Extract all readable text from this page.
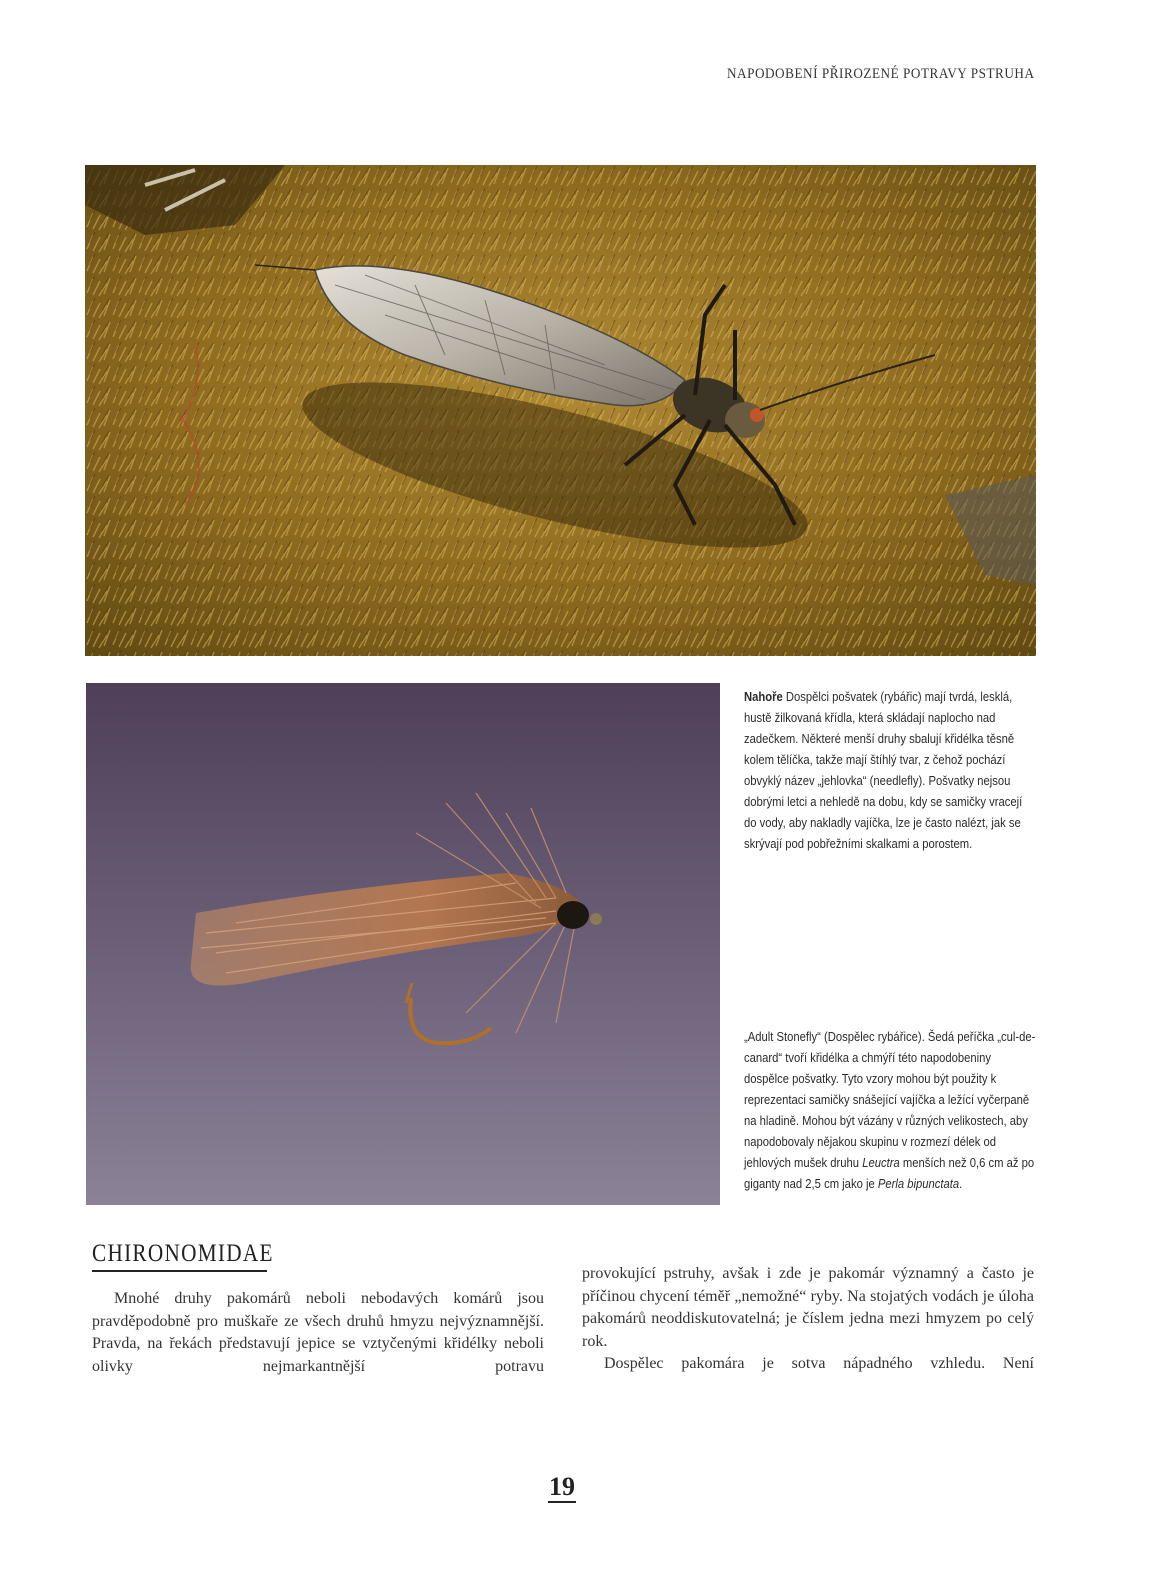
NAPODOBENÍ PŘIROZENÉ POTRAVY PSTRUHA
Nahoře Dospělci pošvatek (rybářic) mají tvrdá, lesklá, hustě žilkovaná křídla, která skládají naplocho nad zadečkem. Některé menší druhy sbalují křidélka těsně kolem tělíčka, takže mají štíhlý tvar, z čehož pochází obvyklý název „jehlovka“ (needlefly). Pošvatky nejsou dobrými letci a nehledě na dobu, kdy se samičky vracejí do vody, aby nakladly vajíčka, lze je často nalézt, jak se skrývají pod pobřežními skalkami a porostem.
„Adult Stonefly“ (Dospělec rybářice). Šedá peříčka „cul-de-canard“ tvoří křidélka a chmýří této napodobeniny dospělce pošvatky. Tyto vzory mohou být použity k reprezentaci samičky snášející vajíčka a ležící vyčerpaně na hladině. Mohou být vázány v různých velikostech, aby napodobovaly nějakou skupinu v rozmezí délek od jehlových mušek druhu Leuctra menších než 0,6 cm až po giganty nad 2,5 cm jako je Perla bipunctata.
CHIRONOMIDAE

Mnohé druhy pakomárů neboli nebodavých komárů jsou pravděpodobně pro muškaře ze všech druhů hmyzu nejvýznamnější. Pravda, na řekách představují jepice se vztyčenými křidélky neboli olivky nejmarkantnější potravu

provokující pstruhy, avšak i zde je pakomár významný a často je příčinou chycení téměř „nemožné“ ryby. Na stojatých vodách je úloha pakomárů neoddiskutovatelná; je číslem jedna mezi hmyzem po celý rok.

Dospělec pakomára je sotva nápadného vzhledu. Není

19
